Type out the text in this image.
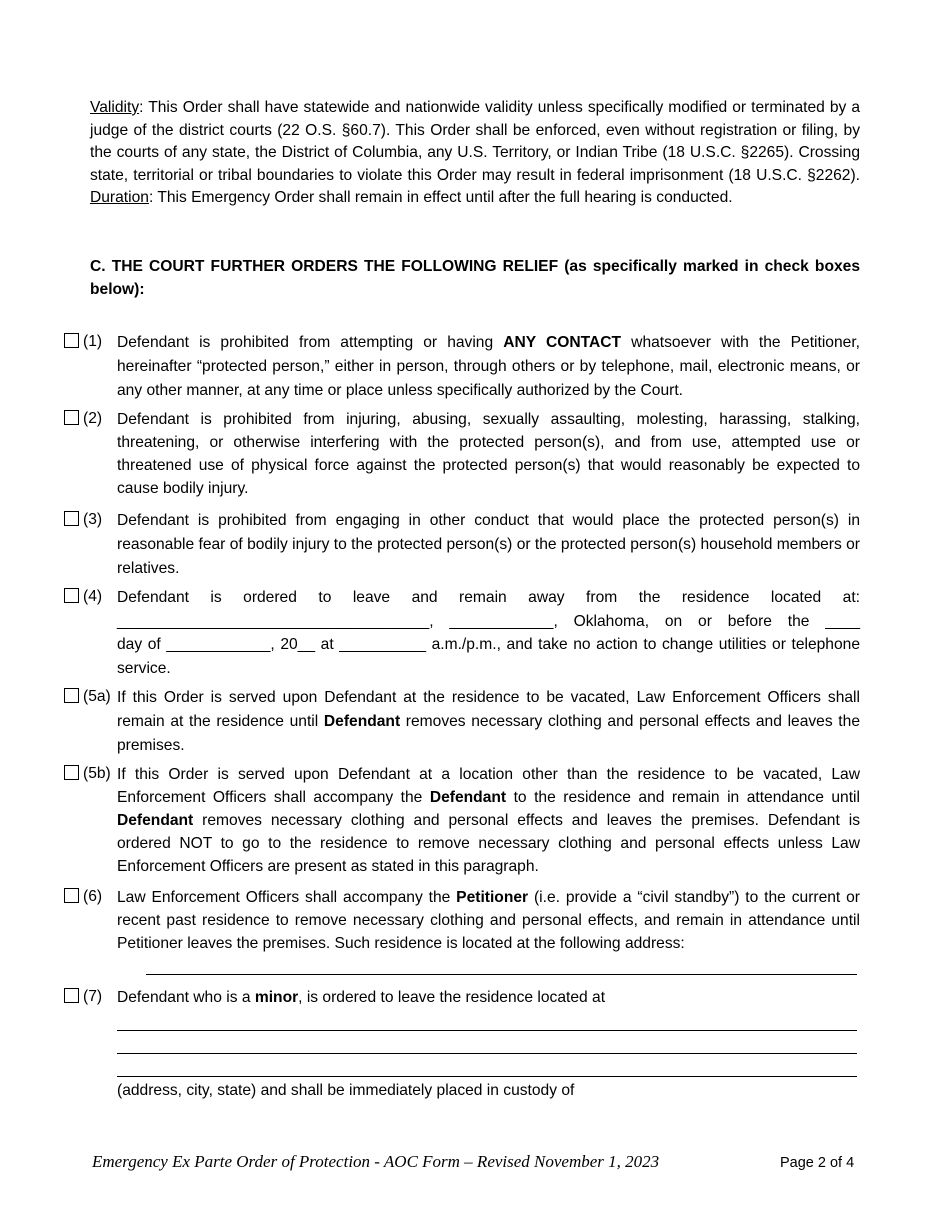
Validity: This Order shall have statewide and nationwide validity unless specifically modified or terminated by a judge of the district courts (22 O.S. §60.7). This Order shall be enforced, even without registration or filing, by the courts of any state, the District of Columbia, any U.S. Territory, or Indian Tribe (18 U.S.C. §2265). Crossing state, territorial or tribal boundaries to violate this Order may result in federal imprisonment (18 U.S.C. §2262). Duration: This Emergency Order shall remain in effect until after the full hearing is conducted.
C. THE COURT FURTHER ORDERS THE FOLLOWING RELIEF (as specifically marked in check boxes below):
(1) Defendant is prohibited from attempting or having ANY CONTACT whatsoever with the Petitioner, hereinafter “protected person,” either in person, through others or by telephone, mail, electronic means, or any other manner, at any time or place unless specifically authorized by the Court.
(2) Defendant is prohibited from injuring, abusing, sexually assaulting, molesting, harassing, stalking, threatening, or otherwise interfering with the protected person(s), and from use, attempted use or threatened use of physical force against the protected person(s) that would reasonably be expected to cause bodily injury.
(3) Defendant is prohibited from engaging in other conduct that would place the protected person(s) in reasonable fear of bodily injury to the protected person(s) or the protected person(s) household members or relatives.
(4) Defendant is ordered to leave and remain away from the residence located at:
____________________________________, ____________, Oklahoma, on or before the ____
day of ____________, 20__ at __________ a.m./p.m., and take no action to change utilities or telephone service.
(5a) If this Order is served upon Defendant at the residence to be vacated, Law Enforcement Officers shall remain at the residence until Defendant removes necessary clothing and personal effects and leaves the premises.
(5b) If this Order is served upon Defendant at a location other than the residence to be vacated, Law Enforcement Officers shall accompany the Defendant to the residence and remain in attendance until Defendant removes necessary clothing and personal effects and leaves the premises. Defendant is ordered NOT to go to the residence to remove necessary clothing and personal effects unless Law Enforcement Officers are present as stated in this paragraph.
(6) Law Enforcement Officers shall accompany the Petitioner (i.e. provide a “civil standby”) to the current or recent past residence to remove necessary clothing and personal effects, and remain in attendance until Petitioner leaves the premises. Such residence is located at the following address:
(7) Defendant who is a minor, is ordered to leave the residence located at
(address, city, state) and shall be immediately placed in custody of
Emergency Ex Parte Order of Protection - AOC Form – Revised November 1, 2023	Page 2 of 4
